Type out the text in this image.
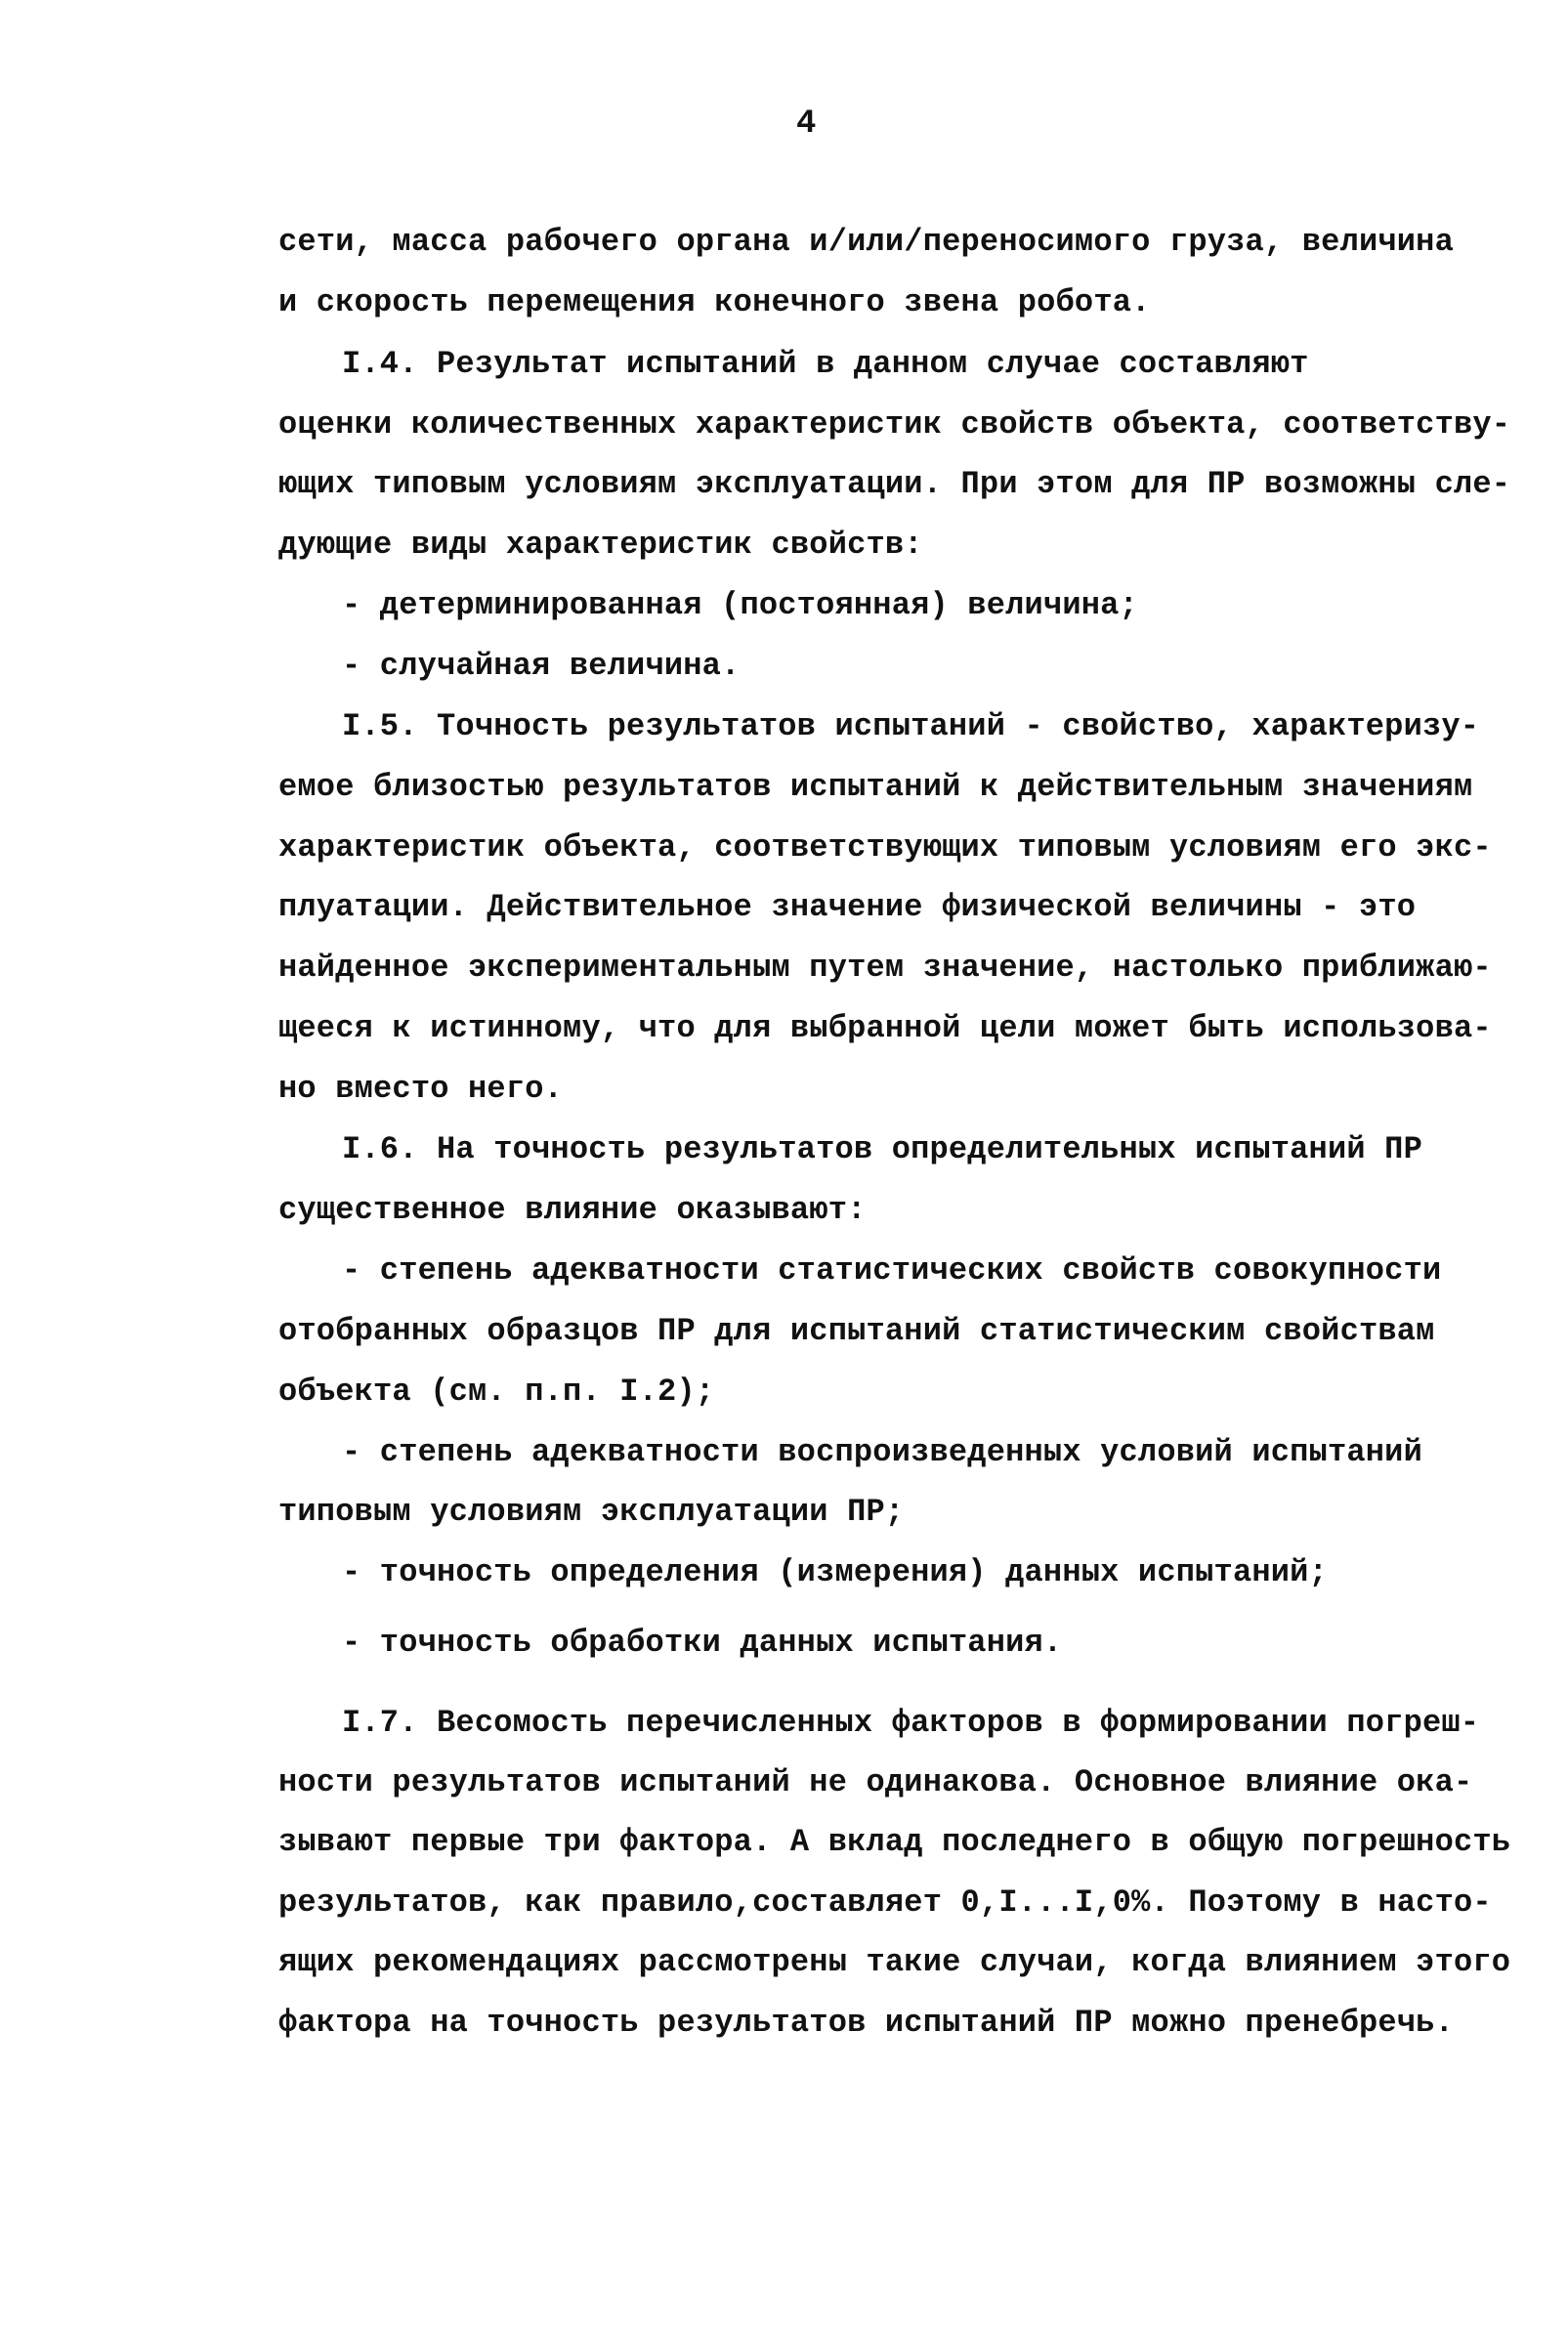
4
сети, масса рабочего органа и/или/переносимого груза, величина
и скорость перемещения конечного звена робота.
I.4. Результат испытаний в данном случае составляют
оценки количественных характеристик свойств объекта, соответству-
ющих типовым условиям эксплуатации. При этом для ПР возможны сле-
дующие виды характеристик свойств:
- детерминированная (постоянная) величина;
- случайная величина.
I.5. Точность результатов испытаний - свойство, характеризу-
емое близостью результатов испытаний к действительным значениям
характеристик объекта, соответствующих типовым условиям его экс-
плуатации. Действительное значение физической величины - это
найденное экспериментальным путем значение, настолько приближаю-
щееся к истинному, что для выбранной цели может быть использова-
но вместо него.
I.6. На точность результатов определительных испытаний ПР
существенное влияние оказывают:
- степень адекватности статистических свойств совокупности
отобранных образцов ПР для испытаний статистическим свойствам
объекта (см. п.п. I.2);
- степень адекватности воспроизведенных условий испытаний
типовым условиям эксплуатации ПР;
- точность определения (измерения) данных испытаний;
- точность обработки данных испытания.
I.7. Весомость перечисленных факторов в формировании погреш-
ности результатов испытаний не одинакова. Основное влияние ока-
зывают первые три фактора. А вклад последнего в общую погрешность
результатов, как правило,составляет 0,I...I,0%. Поэтому в насто-
ящих рекомендациях рассмотрены такие случаи, когда влиянием этого
фактора на точность результатов испытаний ПР можно пренебречь.
